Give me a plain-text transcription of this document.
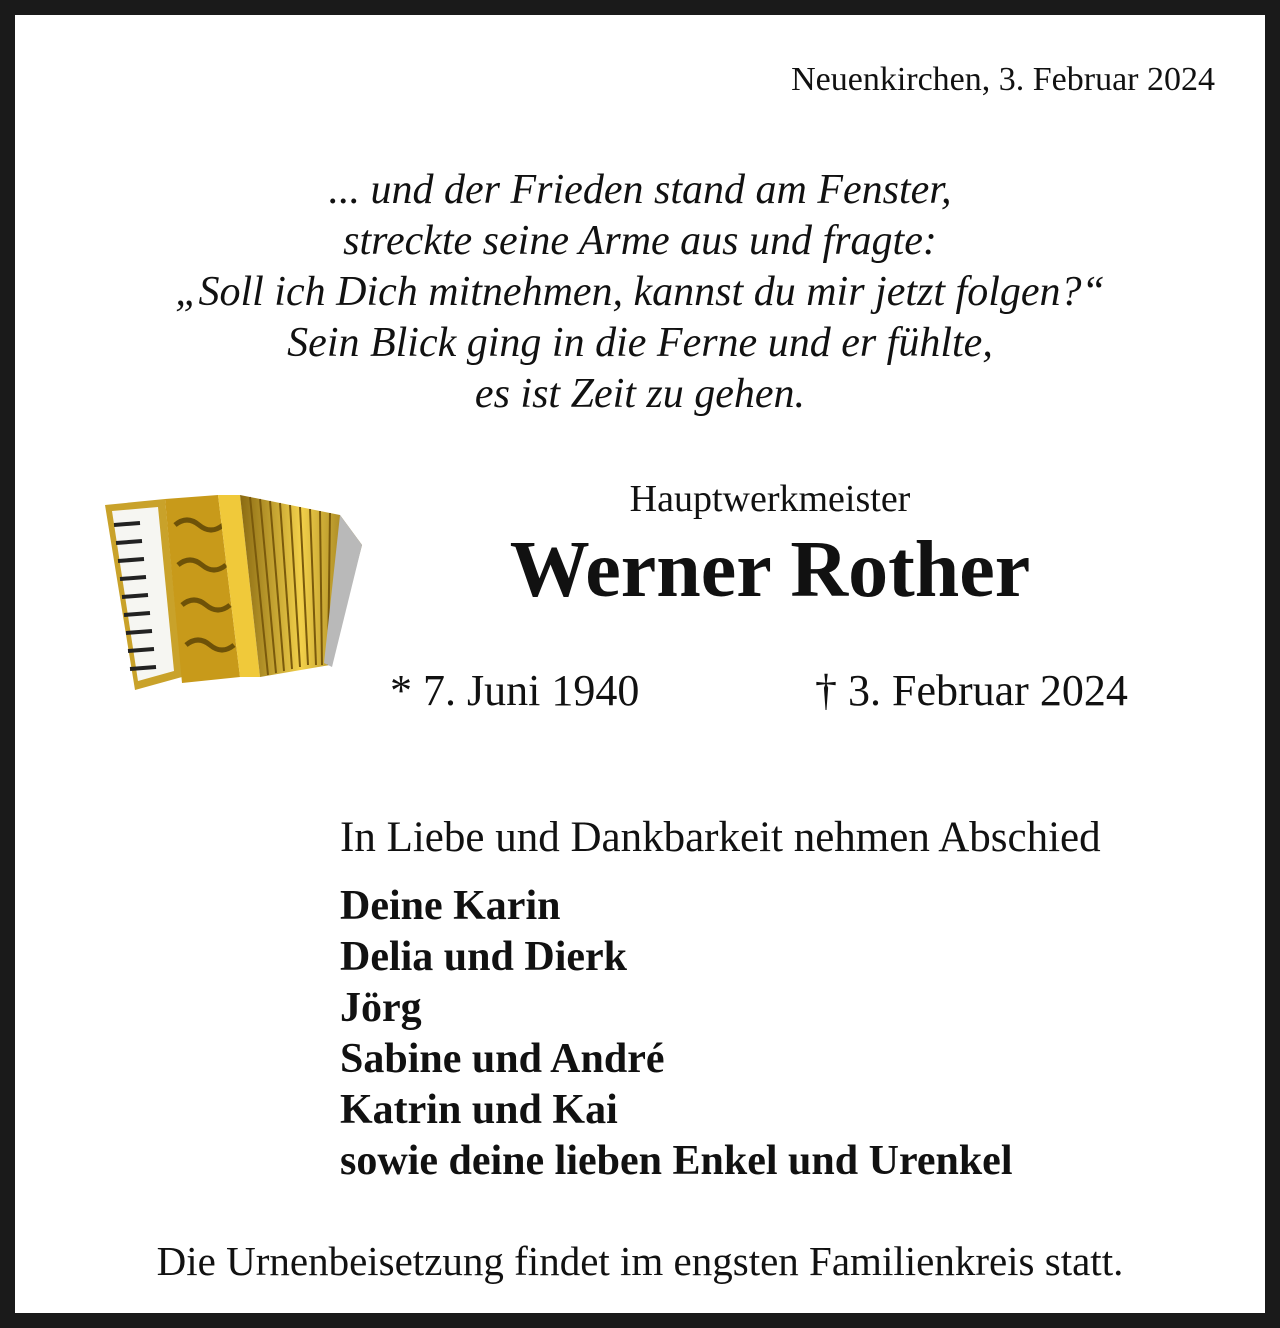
Neuenkirchen, 3. Februar 2024
... und der Frieden stand am Fenster,
streckte seine Arme aus und fragte:
„Soll ich Dich mitnehmen, kannst du mir jetzt folgen?“
Sein Blick ging in die Ferne und er fühlte,
es ist Zeit zu gehen.
Hauptwerkmeister
Werner Rother
* 7. Juni 1940	† 3. Februar 2024
In Liebe und Dankbarkeit nehmen Abschied
Deine Karin
Delia und Dierk
Jörg
Sabine und André
Katrin und Kai
sowie deine lieben Enkel und Urenkel
Die Urnenbeisetzung findet im engsten Familienkreis statt.
